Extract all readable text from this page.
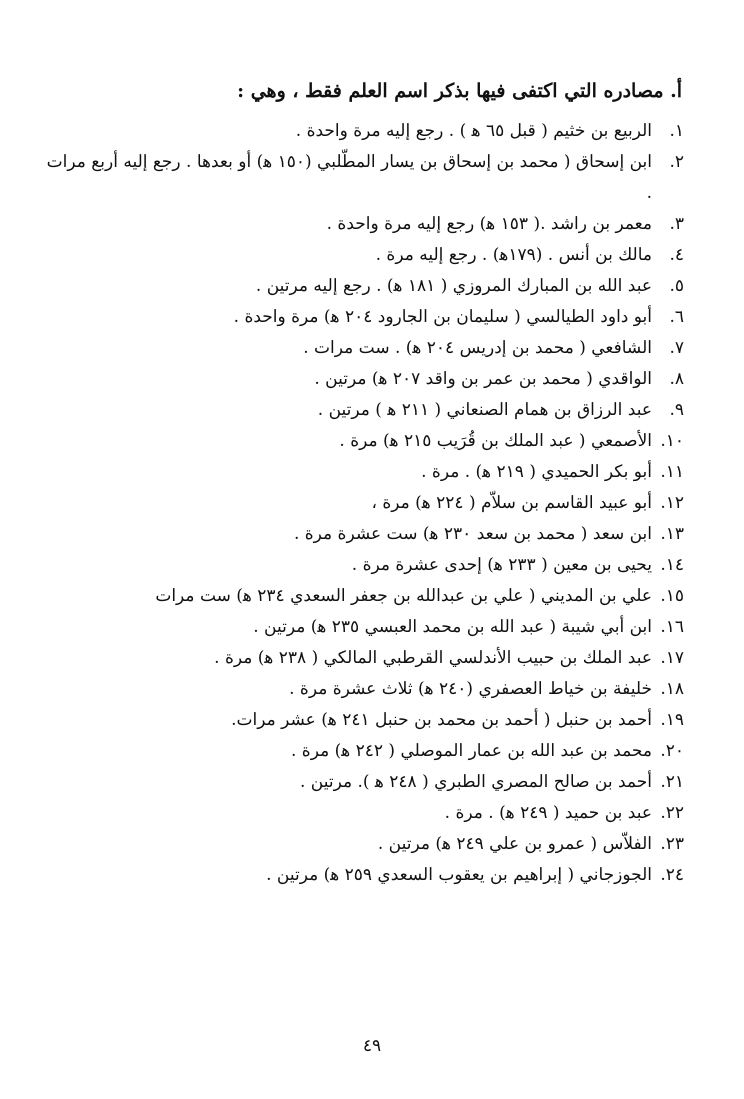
أ. مصادره التي اكتفى فيها بذكر اسم العلم فقط ، وهي :
١.
الربيع بن خثيم ( قبل ٦٥ ه‍ ) . رجع إليه مرة واحدة .
٢.
ابن إسحاق ( محمد بن إسحاق بن يسار المطّلبي (١٥٠ ه‍) أو بعدها . رجع إليه أربع مرات .
٣.
معمر بن راشد .( ١٥٣ ه‍) رجع إليه مرة واحدة .
٤.
مالك بن أنس . (١٧٩ه‍) . رجع إليه مرة .
٥.
عبد الله بن المبارك المروزي ( ١٨١ ه‍) . رجع إليه مرتين .
٦.
أبو داود الطيالسي ( سليمان بن الجارود ٢٠٤ ه‍) مرة واحدة .
٧.
الشافعي ( محمد بن إدريس ٢٠٤ ه‍) . ست مرات .
٨.
الواقدي ( محمد بن عمر بن واقد ٢٠٧ ه‍) مرتين .
٩.
عبد الرزاق بن همام الصنعاني ( ٢١١ ه‍ ) مرتين .
١٠.
الأصمعي ( عبد الملك بن قُرَيب ٢١٥ ه‍) مرة .
١١.
أبو بكر الحميدي ( ٢١٩ ه‍) . مرة .
١٢.
أبو عبيد القاسم بن سلاّم ( ٢٢٤ ه‍) مرة ،
١٣.
ابن سعد ( محمد بن سعد ٢٣٠ ه‍) ست عشرة مرة .
١٤.
يحيى بن معين ( ٢٣٣ ه‍) إحدى عشرة مرة .
١٥.
علي بن المديني ( علي بن عبدالله بن جعفر السعدي ٢٣٤ ه‍) ست مرات
١٦.
ابن أبي شيبة ( عبد الله بن محمد العبسي ٢٣٥ ه‍) مرتين .
١٧.
عبد الملك بن حبيب الأندلسي القرطبي المالكي ( ٢٣٨ ه‍) مرة .
١٨.
خليفة بن خياط العصفري (٢٤٠ ه‍) ثلاث عشرة مرة .
١٩.
أحمد بن حنبل ( أحمد بن محمد بن حنبل ٢٤١ ه‍) عشر مرات.
٢٠.
محمد بن عبد الله بن عمار الموصلي ( ٢٤٢ ه‍) مرة .
٢١.
أحمد بن صالح المصري الطبري ( ٢٤٨ ه‍ ). مرتين .
٢٢.
عبد بن حميد ( ٢٤٩ ه‍) . مرة .
٢٣.
الفلاّس ( عمرو بن علي ٢٤٩ ه‍) مرتين .
٢٤.
الجوزجاني ( إبراهيم بن يعقوب السعدي ٢٥٩ ه‍) مرتين .
٤٩
